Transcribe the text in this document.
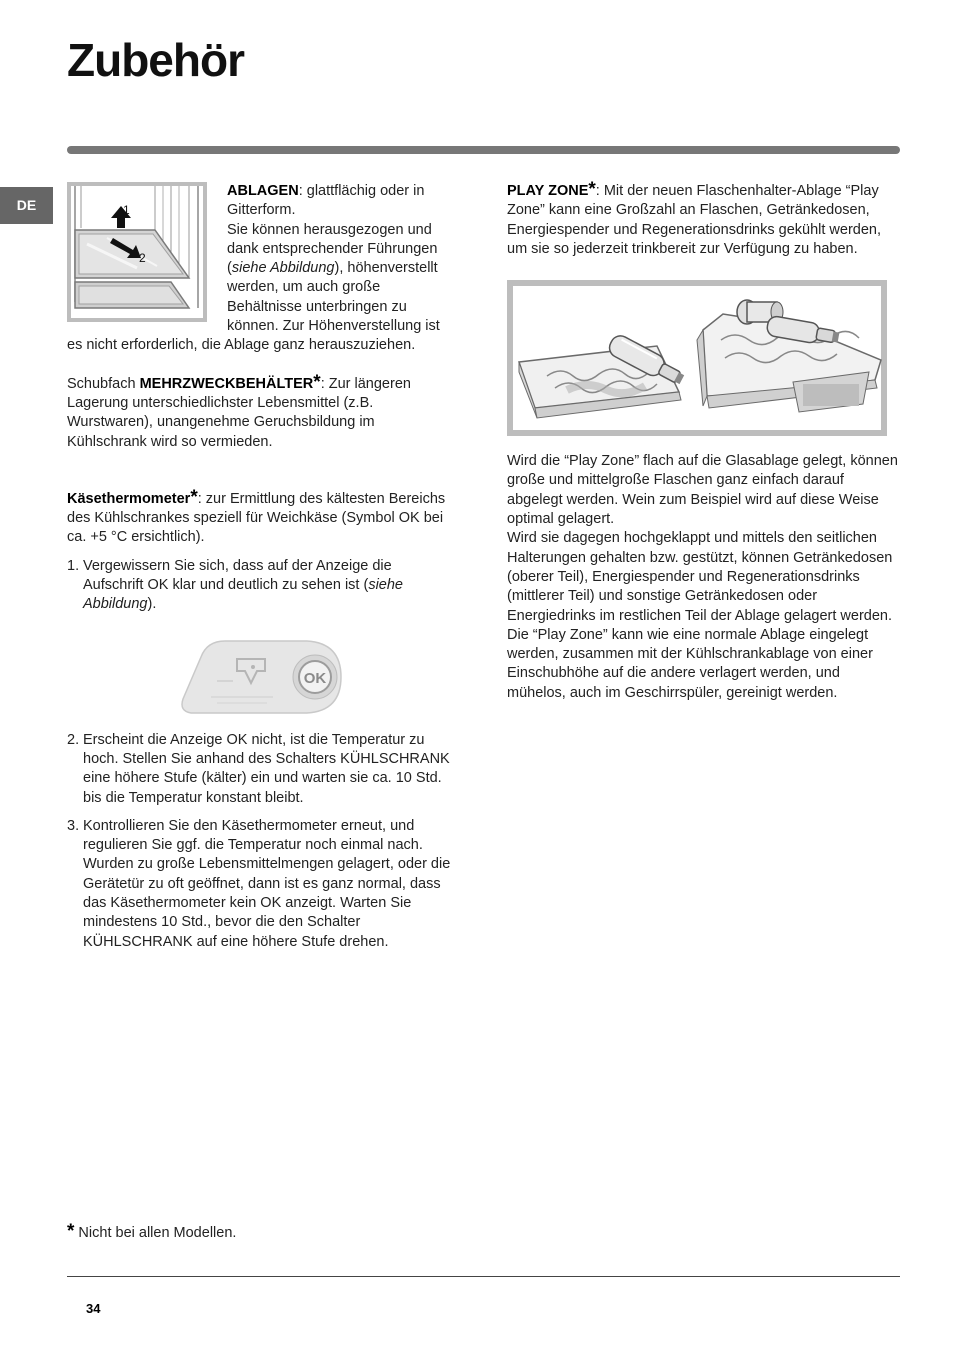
Zubehör
DE	1
2

ABLAGEN: glattflächig oder in Gitterform.
Sie können herausgezogen und dank entsprechender Führungen (siehe Abbildung), höhenverstellt werden, um auch große Behältnisse unterbringen zu können. Zur Höhenverstellung ist es nicht erforderlich, die Ablage ganz herauszuziehen.

Schubfach MEHRZWECKBEHÄLTER*: Zur längeren Lagerung unterschiedlichster Lebensmittel (z.B. Wurstwaren), unangenehme Geruchsbildung im Kühlschrank wird so vermieden.

Käsethermometer*: zur Ermittlung des kältesten Bereichs des Kühlschrankes speziell für Weichkäse (Symbol OK bei ca. +5 °C ersichtlich).

1. Vergewissern Sie sich, dass auf der Anzeige die Aufschrift OK klar und deutlich zu sehen ist (siehe Abbildung).
OK
2. Erscheint die Anzeige OK nicht, ist die Temperatur zu hoch. Stellen Sie anhand des Schalters KÜHLSCHRANK eine höhere Stufe (kälter) ein und warten sie ca. 10 Std. bis die Temperatur konstant bleibt.
3. Kontrollieren Sie den Käsethermometer erneut, und regulieren Sie ggf. die Temperatur noch einmal nach. Wurden zu große Lebensmittelmengen gelagert, oder die Gerätetür zu oft geöffnet, dann ist es ganz normal, dass das Käsethermometer kein OK anzeigt. Warten Sie mindestens 10 Std., bevor die den Schalter KÜHLSCHRANK auf eine höhere Stufe drehen.

PLAY ZONE*: Mit der neuen Flaschenhalter-Ablage “Play Zone” kann eine Großzahl an Flaschen, Getränkedosen, Energiespender und Regenerationsdrinks gekühlt werden, um sie so jederzeit trinkbereit zur Verfügung zu haben.

Wird die “Play Zone” flach auf die Glasablage gelegt, können große und mittelgroße Flaschen ganz einfach darauf abgelegt werden. Wein zum Beispiel wird auf diese Weise optimal gelagert.

Wird sie dagegen hochgeklappt und mittels den seitlichen Halterungen gehalten bzw. gestützt, können Getränkedosen (oberer Teil), Energiespender und Regenerationsdrinks (mittlerer Teil) und sonstige Getränkedosen oder Energiedrinks im restlichen Teil der Ablage gelagert werden.

Die “Play Zone” kann wie eine normale Ablage eingelegt werden, zusammen mit der Kühlschrankablage von einer Einschubhöhe auf die andere verlagert werden, und mühelos, auch im Geschirrspüler, gereinigt werden.

* Nicht bei allen Modellen.
34
